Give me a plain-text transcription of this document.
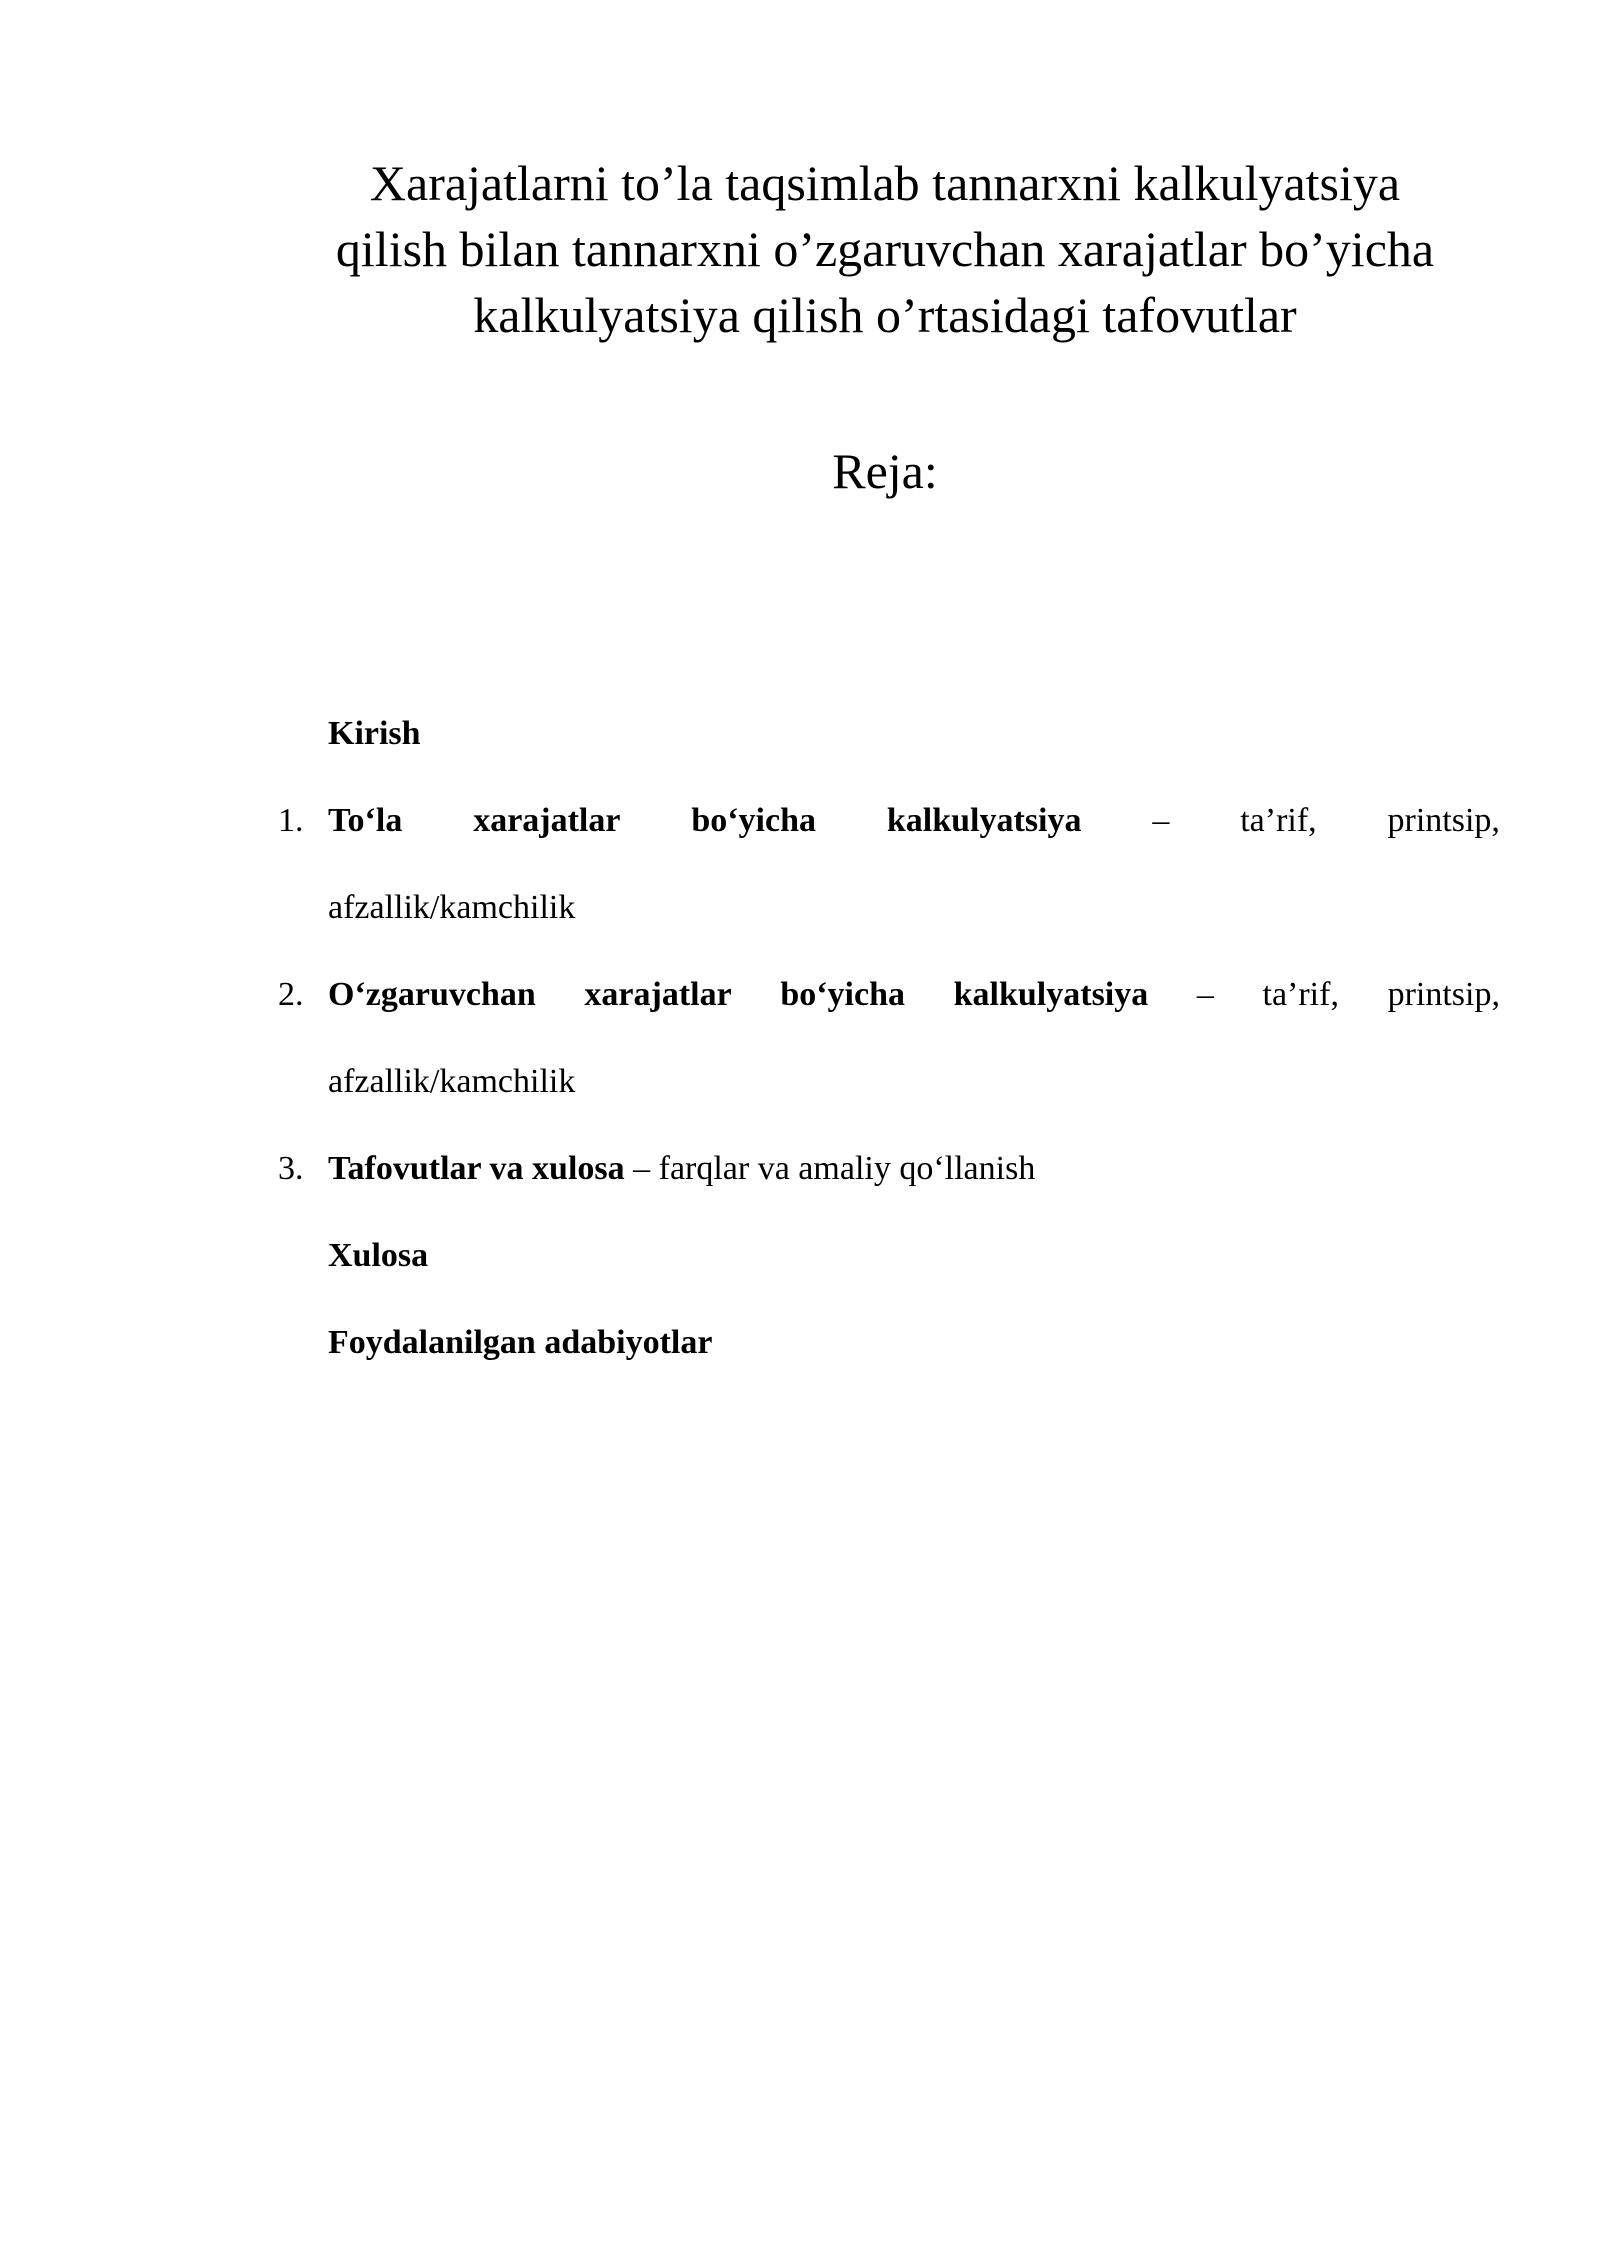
Xarajatlarni to’la taqsimlab tannarxni kalkulyatsiya
qilish bilan tannarxni o’zgaruvchan xarajatlar bo’yicha
kalkulyatsiya qilish o’rtasidagi tafovutlar
Reja:
Kirish
1. To‘la xarajatlar bo‘yicha kalkulyatsiya – ta’rif, printsip,
afzallik/kamchilik
2. O‘zgaruvchan xarajatlar bo‘yicha kalkulyatsiya – ta’rif, printsip,
afzallik/kamchilik
3. Tafovutlar va xulosa – farqlar va amaliy qo‘llanish
Xulosa
Foydalanilgan adabiyotlar
